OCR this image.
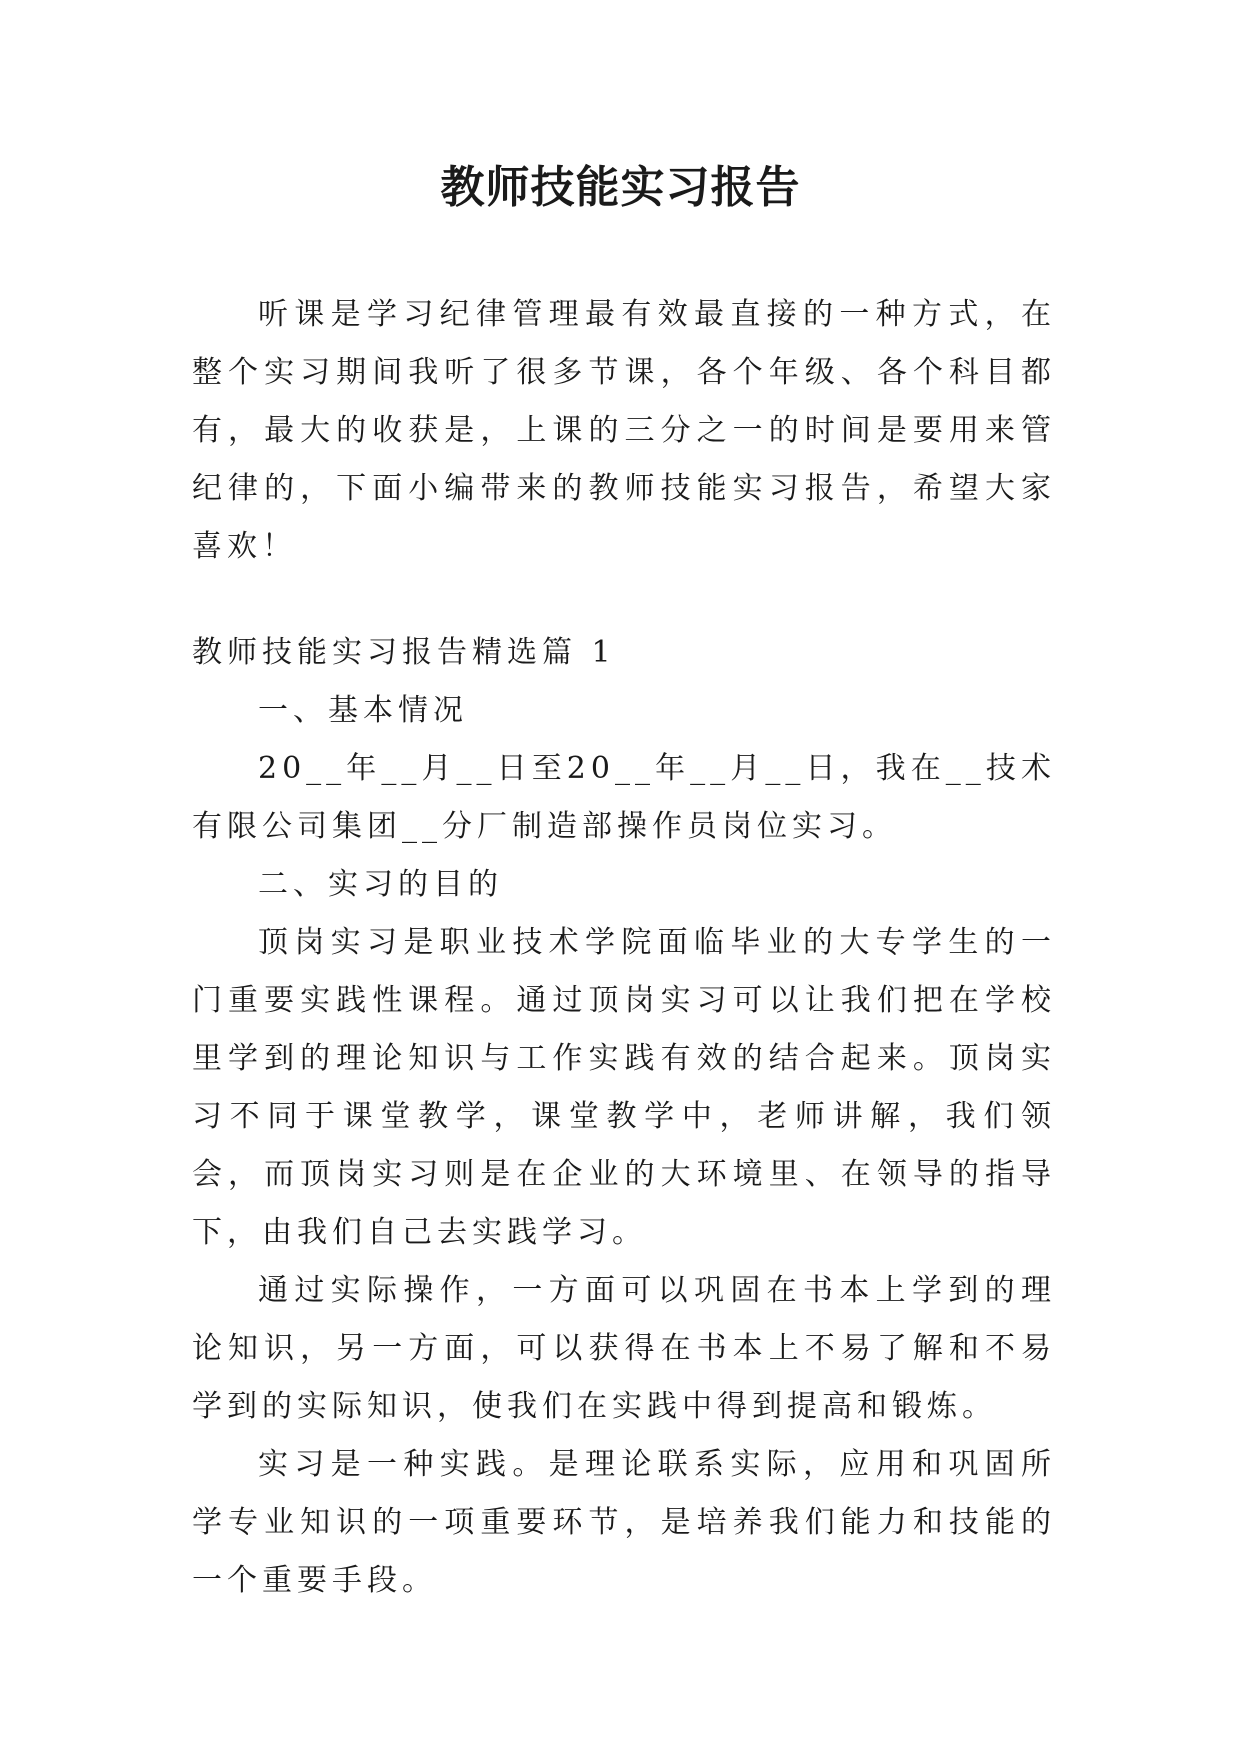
教师技能实习报告

听课是学习纪律管理最有效最直接的一种方式，在整个实习期间我听了很多节课，各个年级、各个科目都有，最大的收获是，上课的三分之一的时间是要用来管纪律的，下面小编带来的教师技能实习报告，希望大家喜欢！

教师技能实习报告精选篇 1

一、基本情况

20__年__月__日至20__年__月__日，我在__技术有限公司集团__分厂制造部操作员岗位实习。

二、实习的目的

顶岗实习是职业技术学院面临毕业的大专学生的一门重要实践性课程。通过顶岗实习可以让我们把在学校里学到的理论知识与工作实践有效的结合起来。顶岗实习不同于课堂教学，课堂教学中，老师讲解，我们领会，而顶岗实习则是在企业的大环境里、在领导的指导下，由我们自己去实践学习。

通过实际操作，一方面可以巩固在书本上学到的理论知识，另一方面，可以获得在书本上不易了解和不易学到的实际知识，使我们在实践中得到提高和锻炼。

实习是一种实践。是理论联系实际，应用和巩固所学专业知识的一项重要环节，是培养我们能力和技能的一个重要手段。
